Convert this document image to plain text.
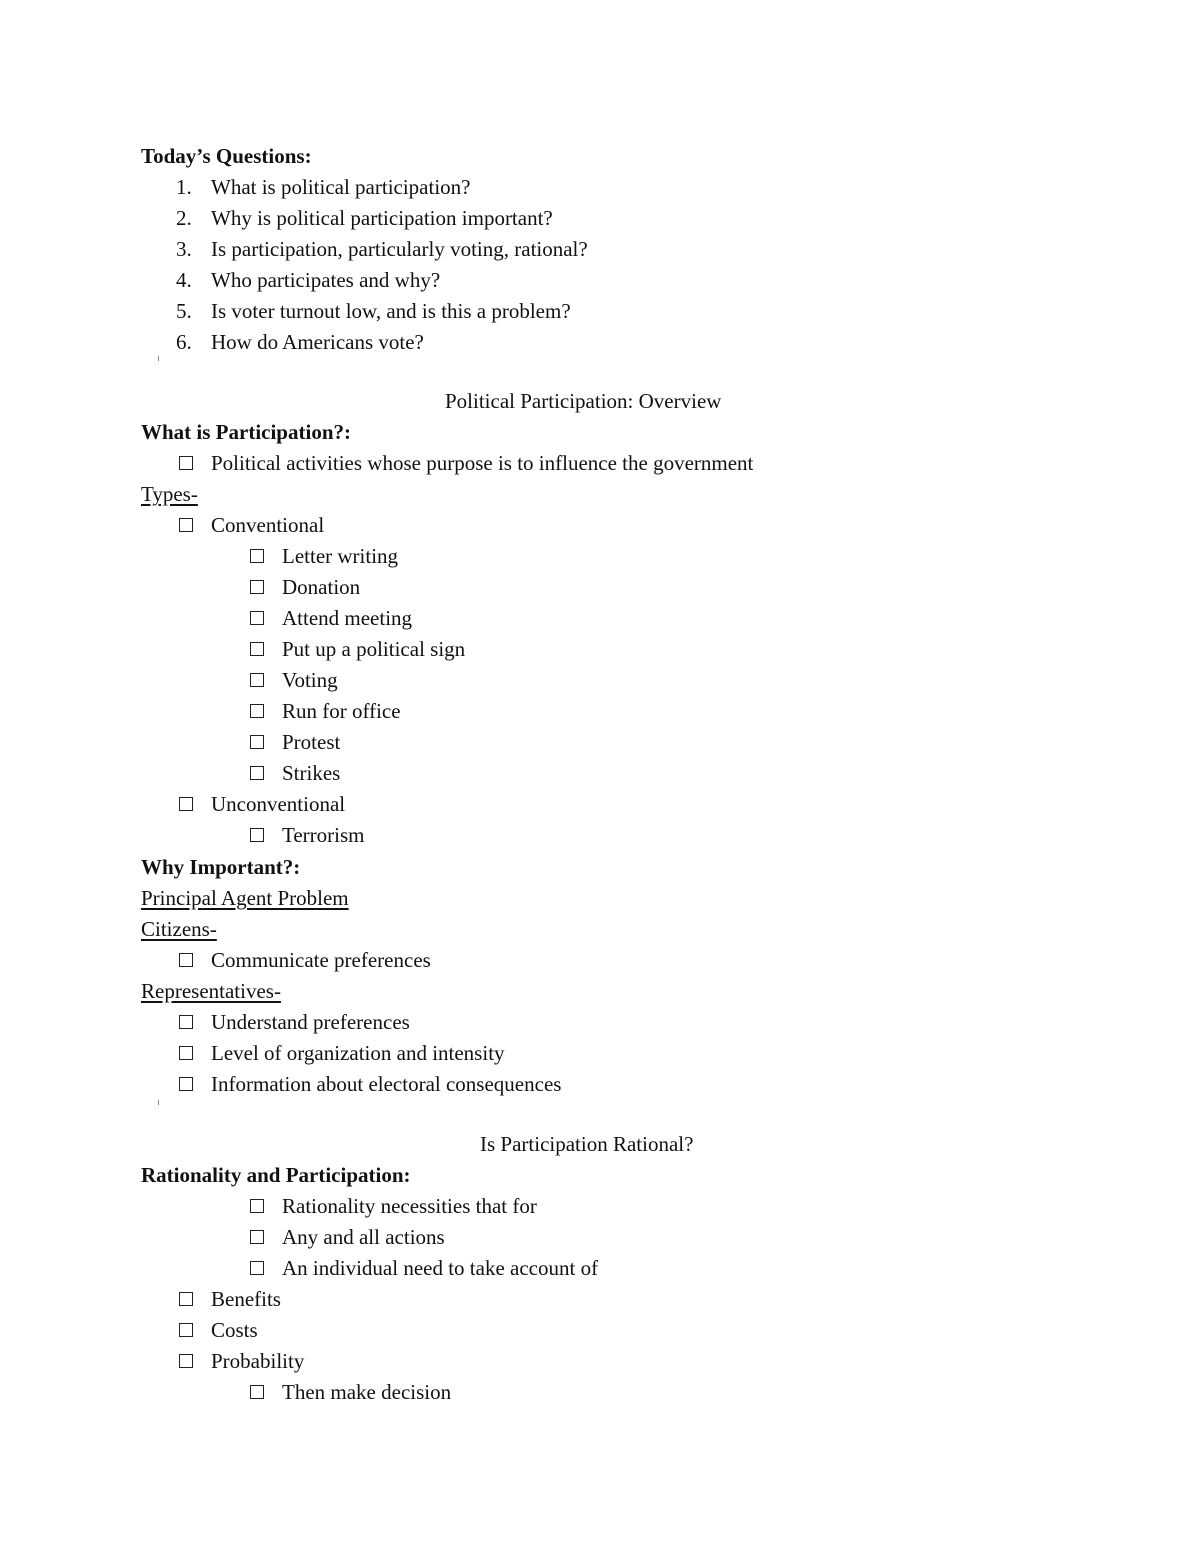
Today’s Questions:
1. What is political participation?
2. Why is political participation important?
3. Is participation, particularly voting, rational?
4. Who participates and why?
5. Is voter turnout low, and is this a problem?
6. How do Americans vote?
Political Participation: Overview
What is Participation?:
Political activities whose purpose is to influence the government
Types-
Conventional
Letter writing
Donation
Attend meeting
Put up a political sign
Voting
Run for office
Protest
Strikes
Unconventional
Terrorism
Why Important?:
Principal Agent Problem
Citizens-
Communicate preferences
Representatives-
Understand preferences
Level of organization and intensity
Information about electoral consequences
Is Participation Rational?
Rationality and Participation:
Rationality necessities that for
Any and all actions
An individual need to take account of
Benefits
Costs
Probability
Then make decision
